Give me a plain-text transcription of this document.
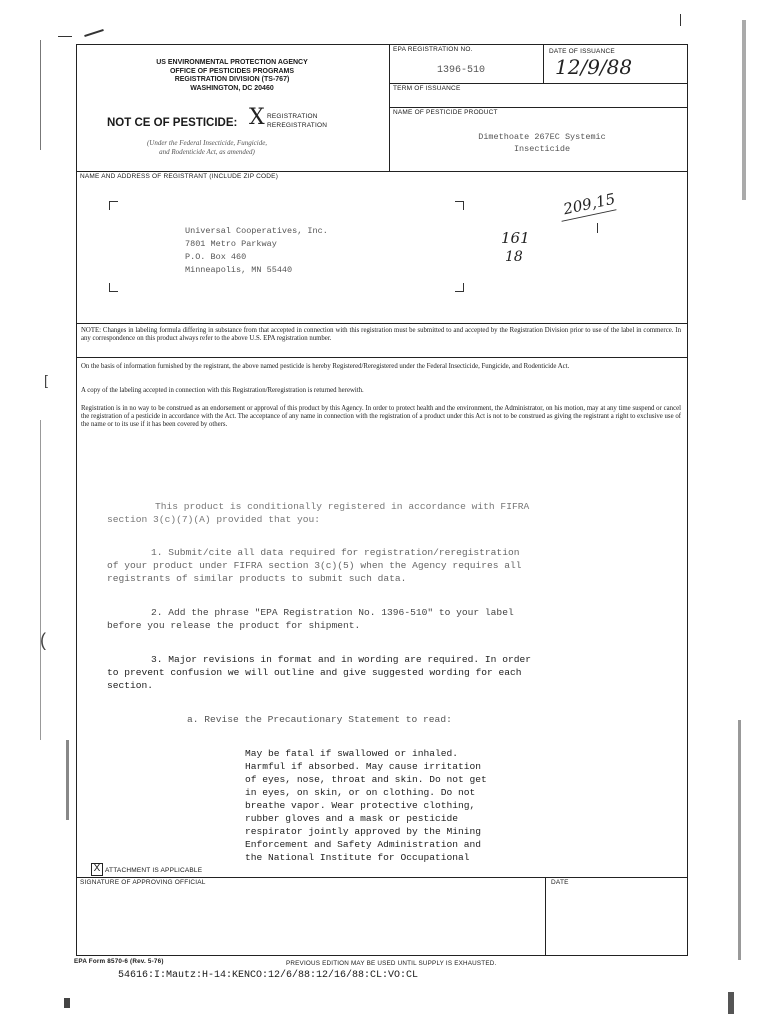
(
[
US ENVIRONMENTAL PROTECTION AGENCY
OFFICE OF PESTICIDES PROGRAMS
REGISTRATION DIVISION (TS-767)
WASHINGTON, DC 20460
NOT CE OF PESTICIDE: X REGISTRATION
REREGISTRATION
(Under the Federal Insecticide, Fungicide,
and Rodenticide Act, as amended)
EPA REGISTRATION NO.
1396-510
DATE OF ISSUANCE
12/9/88
TERM OF ISSUANCE
NAME OF PESTICIDE PRODUCT
Dimethoate 267EC Systemic
Insecticide
NAME AND ADDRESS OF REGISTRANT (INCLUDE ZIP CODE)
Universal Cooperatives, Inc.
7801 Metro Parkway
P.O. Box 460
Minneapolis, MN 55440
209,15
161
18
NOTE: Changes in labeling formula differing in substance from that accepted in connection with this registration must be submitted to and accepted by the Registration Division prior to use of the label in commerce. In any correspondence on this product always refer to the above U.S. EPA registration number.
On the basis of information furnished by the registrant, the above named pesticide is hereby Registered/Reregistered under the Federal Insecticide, Fungicide, and Rodenticide Act.
A copy of the labeling accepted in connection with this Registration/Reregistration is returned herewith.
Registration is in no way to be construed as an endorsement or approval of this product by this Agency. In order to protect health and the environment, the Administrator, on his motion, may at any time suspend or cancel the registration of a pesticide in accordance with the Act. The acceptance of any name in connection with the registration of a product under this Act is not to be construed as giving the registrant a right to exclusive use of the name or to its use if it has been covered by others.

This product is conditionally registered in accordance with FIFRA

section 3(c)(7)(A) provided that you:

1. Submit/cite all data required for registration/reregistration

of your product under FIFRA section 3(c)(5) when the Agency requires all

registrants of similar products to submit such data.

2. Add the phrase "EPA Registration No. 1396-510" to your label

before you release the product for shipment.

3. Major revisions in format and in wording are required. In order

to prevent confusion we will outline and give suggested wording for each

section.

a. Revise the Precautionary Statement to read:

May be fatal if swallowed or inhaled.

Harmful if absorbed. May cause irritation

of eyes, nose, throat and skin. Do not get

in eyes, on skin, or on clothing. Do not

breathe vapor. Wear protective clothing,

rubber gloves and a mask or pesticide

respirator jointly approved by the Mining

Enforcement and Safety Administration and

the National Institute for Occupational

X ATTACHMENT IS APPLICABLE
SIGNATURE OF APPROVING OFFICIAL	DATE
EPA Form 8570-6 (Rev. 5-76)	PREVIOUS EDITION MAY BE USED UNTIL SUPPLY IS EXHAUSTED.
54616:I:Mautz:H-14:KENCO:12/6/88:12/16/88:CL:VO:CL
